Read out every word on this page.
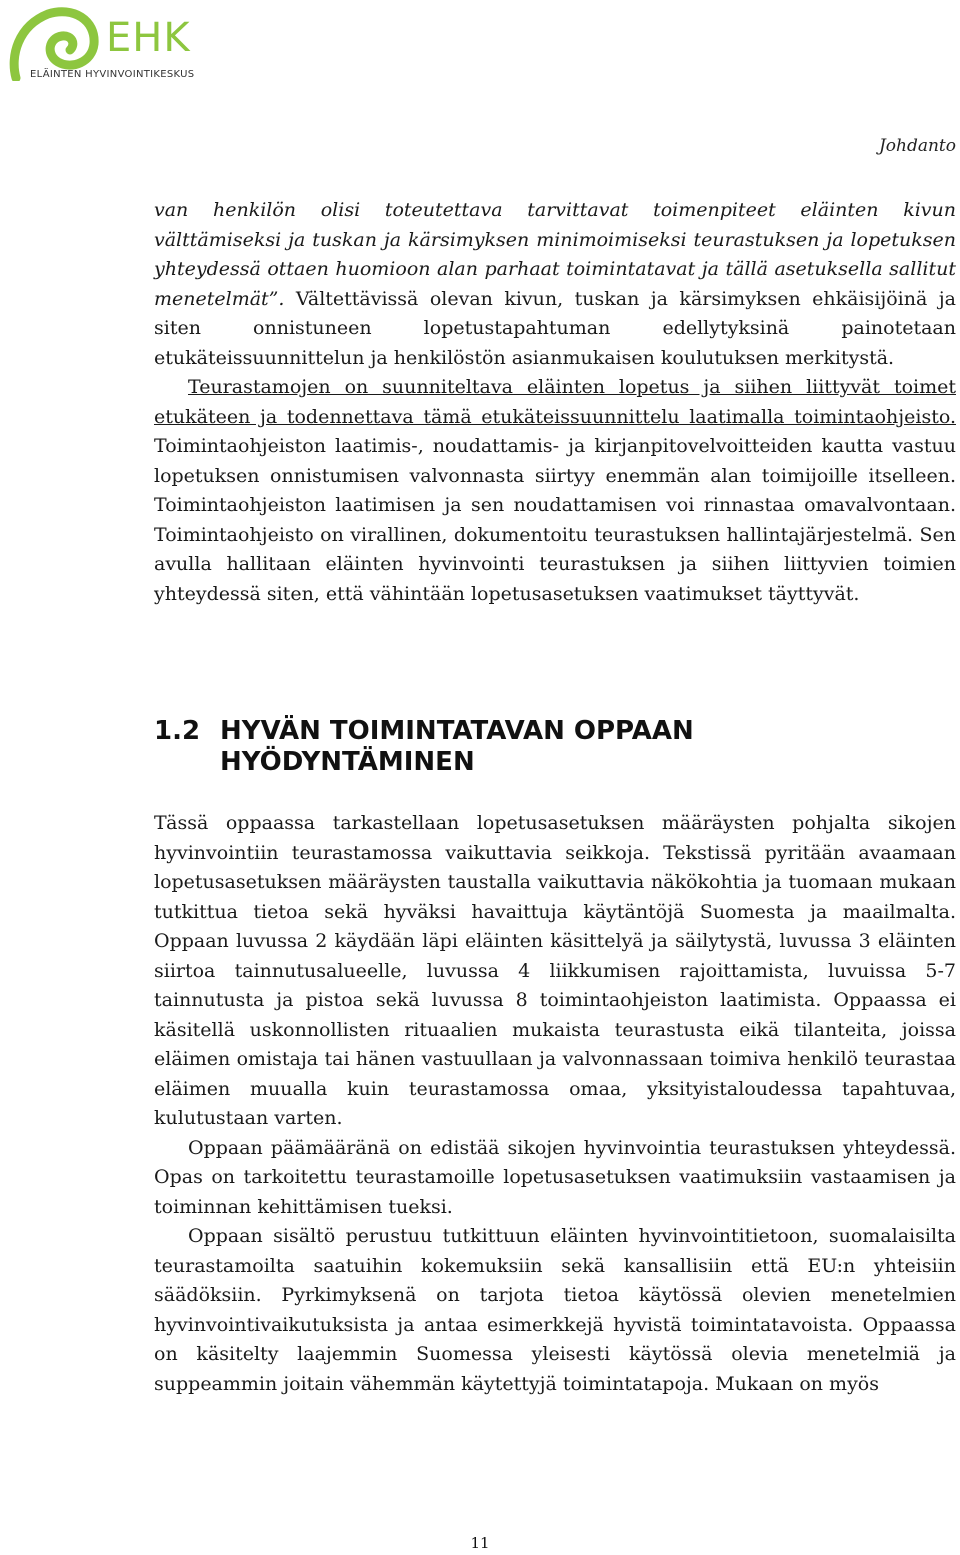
EHK
ELÄINTEN HYVINVOINTIKESKUS
Johdanto

van henkilön olisi toteutettava tarvittavat toimenpiteet eläinten kivun välttämiseksi ja tuskan ja kärsimyksen minimoimiseksi teurastuksen ja lopetuksen yhteydessä ottaen huomioon alan parhaat toimintatavat ja tällä asetuksella sallitut menetelmät”. Vältettävissä olevan kivun, tuskan ja kärsimyksen ehkäisijöinä ja siten onnistuneen lopetustapahtuman edellytyksinä painotetaan etukäteissuunnittelun ja henkilöstön asianmukaisen koulutuksen merkitystä.

Teurastamojen on suunniteltava eläinten lopetus ja siihen liittyvät toimet etukäteen ja todennettava tämä etukäteissuunnittelu laatimalla toimintaohjeisto. Toimintaohjeiston laatimis-, noudattamis- ja kirjanpitovelvoitteiden kautta vastuu lopetuksen onnistumisen valvonnasta siirtyy enemmän alan toimijoille itselleen. Toimintaohjeiston laatimisen ja sen noudattamisen voi rinnastaa omavalvontaan. Toimintaohjeisto on virallinen, dokumentoitu teurastuksen hallintajärjestelmä. Sen avulla hallitaan eläinten hyvinvointi teurastuksen ja siihen liittyvien toimien yhteydessä siten, että vähintään lopetusasetuksen vaatimukset täyttyvät.

1.2 HYVÄN TOIMINTATAVAN OPPAAN
HYÖDYNTÄMINEN

Tässä oppaassa tarkastellaan lopetusasetuksen määräysten pohjalta sikojen hyvinvointiin teurastamossa vaikuttavia seikkoja. Tekstissä pyritään avaamaan lopetusasetuksen määräysten taustalla vaikuttavia näkökohtia ja tuomaan mukaan tutkittua tietoa sekä hyväksi havaittuja käytäntöjä Suomesta ja maailmalta. Oppaan luvussa 2 käydään läpi eläinten käsittelyä ja säilytystä, luvussa 3 eläinten siirtoa tainnutusalueelle, luvussa 4 liikkumisen rajoittamista, luvuissa 5-7 tainnutusta ja pistoa sekä luvussa 8 toimintaohjeiston laatimista. Oppaassa ei käsitellä uskonnollisten rituaalien mukaista teurastusta eikä tilanteita, joissa eläimen omistaja tai hänen vastuullaan ja valvonnassaan toimiva henkilö teurastaa eläimen muualla kuin teurastamossa omaa, yksityistaloudessa tapahtuvaa, kulutustaan varten.

Oppaan päämääränä on edistää sikojen hyvinvointia teurastuksen yhteydessä. Opas on tarkoitettu teurastamoille lopetusasetuksen vaatimuksiin vastaamisen ja toiminnan kehittämisen tueksi.

Oppaan sisältö perustuu tutkittuun eläinten hyvinvointitietoon, suomalaisilta teurastamoilta saatuihin kokemuksiin sekä kansallisiin että EU:n yhteisiin säädöksiin. Pyrkimyksenä on tarjota tietoa käytössä olevien menetelmien hyvinvointivaikutuksista ja antaa esimerkkejä hyvistä toimintatavoista. Oppaassa on käsitelty laajemmin Suomessa yleisesti käytössä olevia menetelmiä ja suppeammin joitain vähemmän käytettyjä toimintatapoja. Mukaan on myös

11
